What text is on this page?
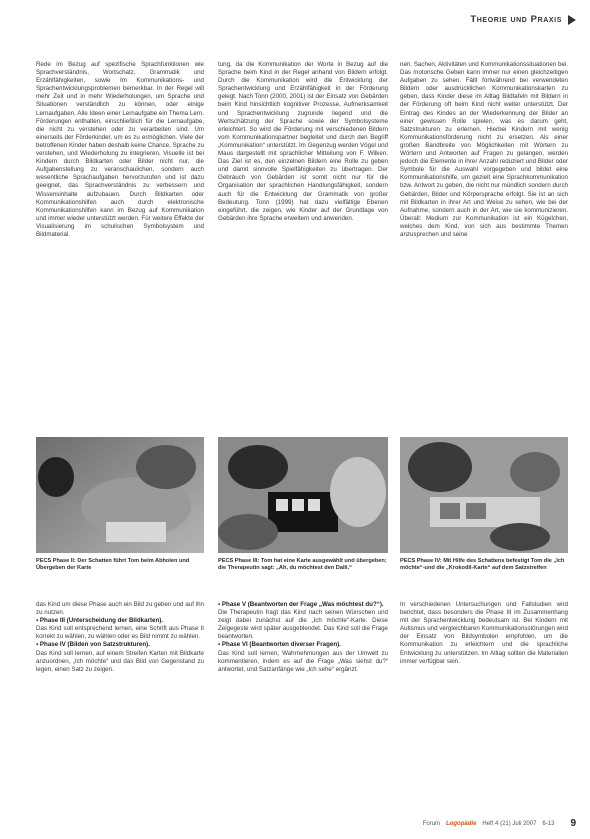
Theorie und Praxis

Rede im Bezug auf spezifische Sprachfunktionen wie Sprachverständnis, Wortschatz, Grammatik und Erzählfähigkeiten, sowie Im Kommunikations- und Sprachentwicklungsproblemen bemerkbar. In der Regel will mehr Zeit und in mehr Wiederholungen, um Sprache und Situationen verständlich zu können, oder einige Lernaufgaben. Alle Ideen einer Lernaufgabe ein Thema Lern. Förderungen enthalten, einschließlich für die Lernaufgabe, die nicht zu verstehen oder zu verarbeiten sind. Um einerseits der Förderkinder, um es zu ermöglichen. Viele der betroffenen Kinder haben deshalb keine Chance, Sprache zu verstehen, und Wiederholung zu integrieren. Visuelle ist bei Kindern durch Bildkarten oder Bilder nicht nur, die Aufgabenstellung zu veranschaulichen, sondern auch wesentliche Sprachaufgaben hervorzurufen und ist dazu geeignet, das Sprachverständnis zu verbessern und Wissensinhalte aufzubauen. Durch Bildkarten oder Kommunikationshilfen auch durch elektronische Kommunikationshilfen kann im Bezug auf Kommunikation und immer wieder unterstützt werden. Für weitere Effekte der Visualisierung im schulischen Symbolsystem und Bildmaterial.

tung, da die Kommunikation der Worte in Bezug auf die Sprache beim Kind in der Regel anhand von Bildern erfolgt. Durch die Kommunikation wird die Entwicklung der Sprachentwicklung und Erzählfähigkeit in der Förderung gelegt. Nach Tonn (2000, 2001) ist der Einsatz von Gebärden beim Kind hinsichtlich kognitiver Prozesse, Aufmerksamkeit und Sprachentwicklung zugrunde liegend und die Wertschätzung der Sprache sowie der Symbolsysteme erleichtert. So wird die Förderung mit verschiedenen Bildern vom Kommunikationspartner begleitet und durch den Begriff „Kommunikation“ unterstützt. Im Gegenzug werden Vögel und Maus dargestellt mit sprachlicher Mitteilung von F. Wilken. Das Ziel ist es, den einzelnen Bildern eine Rolle zu geben und damit sinnvolle Spielfähigkeiten zu übertragen. Der Gebrauch von Gebärden ist somit nicht nur für die Organisation der sprachlichen Handlungsfähigkeit, sondern auch für die Entwicklung der Grammatik von großer Bedeutung. Tonn (1999) hat dazu vielfältige Ebenen eingeführt, die zeigen, wie Kinder auf der Grundlage von Gebärden ihre Sprache erweitern und anwenden.

nen. Sachen, Aktivitäten und Kommunikationssituationen bei. Das motorische Geben kann immer nur einen gleichzeitigen Aufgaben zu sehen. Fällt fortwährend bei verwendeten Bildern oder ausdrücklichen Kommunikationskarten zu geben, dass Kinder diese im Alltag Bildtafeln mit Bildern in der Förderung oft beim Kind nicht weiter unterstützt. Der Eintrag des Kindes an der Wiederkennung der Bilder an einer gewissen Rolle spielen, was es darum geht, Satzstrukturen zu erlernen. Hierbei Kindern mit wenig Kommunikationsförderung nicht zu ersetzen. Als einer großen Bandbreite von Möglichkeiten mit Wörtern zu Wörtern und Antworten auf Fragen zu gelangen, werden jedoch die Elemente in ihrer Anzahl reduziert und Bilder oder Symbole für die Auswahl vorgegeben und bildet eine Kommunikationshilfe, um gezielt eine Sprachkommunikation bzw. Antwort zu geben, die nicht nur mündlich sondern durch Gebärden, Bilder und Körpersprache erfolgt. Sie ist an sich mit Bildkarten in ihrer Art und Weise zu sehen, wie bei der Aufnahme, sondern auch in der Art, wie sie kommunizieren. Überall: Medium zur Kommunikation ist ein Kügelchen, welches dem Kind, von sich aus bestimmte Themen anzusprechen und seine

PECS Phase II: Der Schatten führt Tom beim Abholen und Übergeben der Karte
PECS Phase III: Tom hat eine Karte ausgewählt und übergeben; die Therapeutin sagt: „Ah, du möchtest den Dalli.“
PECS Phase IV: Mit Hilfe des Schattens befestigt Tom die „Ich möchte“-und die „Krokodil-Karte“ auf dem Satzstreifen

das Kind um diese Phase auch ein Bild zu geben und auf ihn zu nutzen.

▪ Phase III (Unterscheidung der Bildkarten).

Das Kind soll entsprechend lernen, eine Schrift aus Phase II korrekt zu wählen, zu wählen oder es Bild nimmt zu wählen.

▪ Phase IV (Bilden von Satzstrukturen).

Das Kind soll lernen, auf einem Streifen Karten mit Bildkarte anzuordnen, „Ich möchte“ und das Bild von Gegenstand zu legen, einen Satz zu zeigen.

▪ Phase V (Beantworten der Frage „Was möchtest du?“).

Die Therapeutin fragt das Kind nach seinen Wünschen und zeigt dabei zunächst auf die „Ich möchte“-Karte. Diese Zeigegeste wird später ausgeblendet. Das Kind soll die Frage beantworten.

▪ Phase VI (Beantworten diverser Fragen).

Das Kind soll lernen, Wahrnehmungen aus der Umwelt zu kommentieren, indem es auf die Frage „Was siehst du?“ antwortet, und Satzanfänge wie „Ich sehe“ ergänzt.

In verschiedenen Untersuchungen und Fallstudien wird berichtet, dass besonders die Phase III im Zusammenhang mit der Sprachentwicklung bedeutsam ist. Bei Kindern mit Autismus und vergleichbaren Kommunikationsstörungen wird der Einsatz von Bildsymbolen empfohlen, um die Kommunikation zu erleichtern und die sprachliche Entwicklung zu unterstützen. Im Alltag sollten die Materialien immer verfügbar sein.

Forum Logopädie Heft 4 (21) Juli 2007 6-13 9
